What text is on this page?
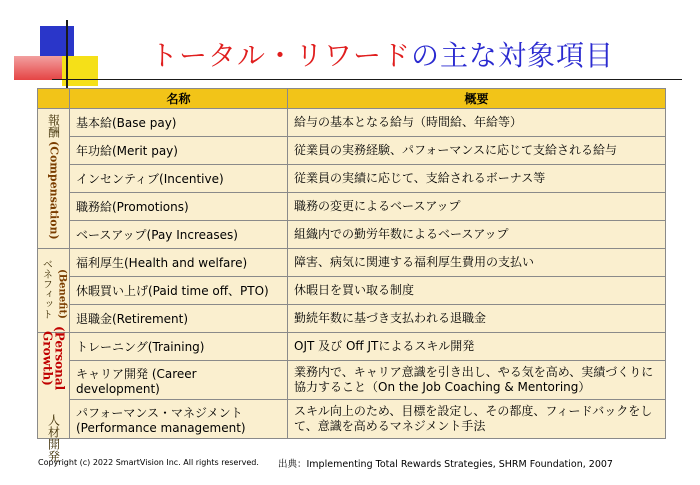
トータル・リワードの主な対象項目
	名称	概要
報酬
(Compensation)	基本給(Base pay)	給与の基本となる給与（時間給、年給等）
	年功給(Merit pay)	従業員の実務経験、パフォーマンスに応じて支給される給与
	インセンティブ(Incentive)	従業員の実績に応じて、支給されるボーナス等
	職務給(Promotions)	職務の変更によるベースアップ
	ベースアップ(Pay Increases)	組織内での勤労年数によるベースアップ
ベネフィット (Benefit)	福利厚生(Health and welfare)	障害、病気に関連する福利厚生費用の支払い
	休暇買い上げ(Paid time off、PTO)	休暇日を買い取る制度
	退職金(Retirement)	勤続年数に基づき支払われる退職金
(Personal Growth) 人材開発	トレーニング(Training)	OJT 及び Off JTによるスキル開発
	キャリア開発 (Career development)	業務内で、キャリア意識を引き出し、やる気を高め、実績づくりに協力すること（On the Job Coaching & Mentoring）
	パフォーマンス・マネジメント (Performance management)	スキル向上のため、目標を設定し、その都度、フィードバックをして、意識を高めるマネジメント手法
Copyright (c) 2022 SmartVision Inc. All rights reserved. 出典：Implementing Total Rewards Strategies, SHRM Foundation, 2007
